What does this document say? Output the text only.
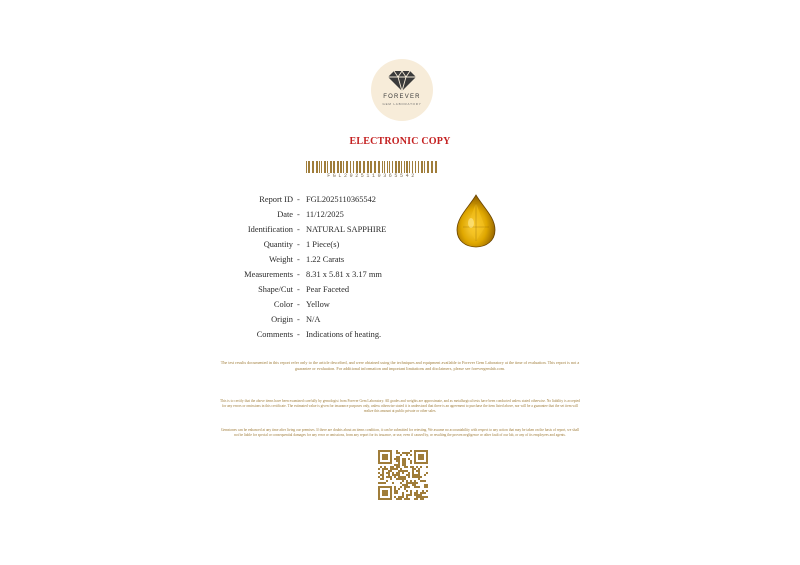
FOREVER
GEM LABORATORY
ELECTRONIC COPY
FGL2025110365542
Report ID - FGL2025110365542
Date - 11/12/2025
Identification - NATURAL SAPPHIRE
Quantity - 1 Piece(s)
Weight - 1.22 Carats
Measurements - 8.31 x 5.81 x 3.17 mm
Shape/Cut - Pear Faceted
Color - Yellow
Origin - N/A
Comments - Indications of heating.
The test results documented in this report refer only to the article described, and were obtained using the techniques and equipment available to Forever Gem Laboratory at the time of evaluation. This report is not a guarantee or evaluation. For additional information and important limitations and disclaimers, please see forevergemlab.com.
This is to certify that the above items have been examined carefully by gemologist from Forever Gem Laboratory. All grades and weights are approximate, and as metallurgical tests have been conducted unless stated otherwise. No liability is accepted for any errors or omissions in this certificate. The estimated value is given for insurance purposes only, unless otherwise stated it is understood that there is an agreement to purchase the item listed above, nor will be a guarantee that the set item will realize this amount at public private or other sales.
Gemstones can be enhanced at any time after living our premises. If there are doubts about an items condition, it can be submitted for retesting. We assume no accountability with respect to any action that may be taken on the basis of report, we shall not be liable for special or consequential damages for any error or omissions, from any report for its issuance, or use, even if caused by, or resulting the proven negligence or other fault of our lab, or any of its employees and agents.
